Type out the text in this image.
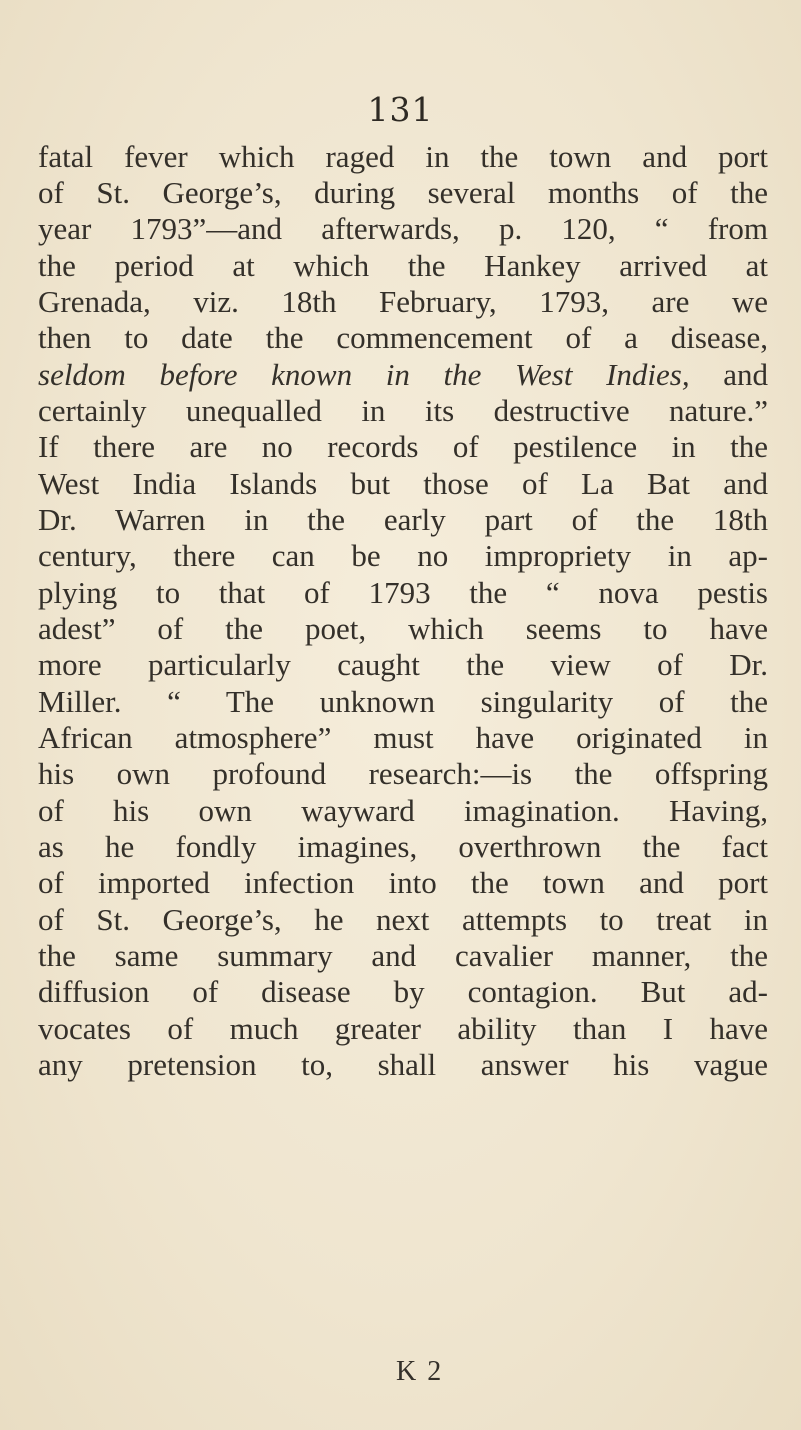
131
fatal fever which raged in the town and port
of St. George’s, during several months of the
year 1793”—and afterwards, p. 120, “ from
the period at which the Hankey arrived at
Grenada, viz. 18th February, 1793, are we
then to date the commencement of a disease,
seldom before known in the West Indies, and
certainly unequalled in its destructive nature.”
If there are no records of pestilence in the
West India Islands but those of La Bat and
Dr. Warren in the early part of the 18th
century, there can be no impropriety in ap-
plying to that of 1793 the “ nova pestis
adest” of the poet, which seems to have
more particularly caught the view of Dr.
Miller. “ The unknown singularity of the
African atmosphere” must have originated in
his own profound research:—is the offspring
of his own wayward imagination. Having,
as he fondly imagines, overthrown the fact
of imported infection into the town and port
of St. George’s, he next attempts to treat in
the same summary and cavalier manner, the
diffusion of disease by contagion. But ad-
vocates of much greater ability than I have
any pretension to, shall answer his vague
K 2
